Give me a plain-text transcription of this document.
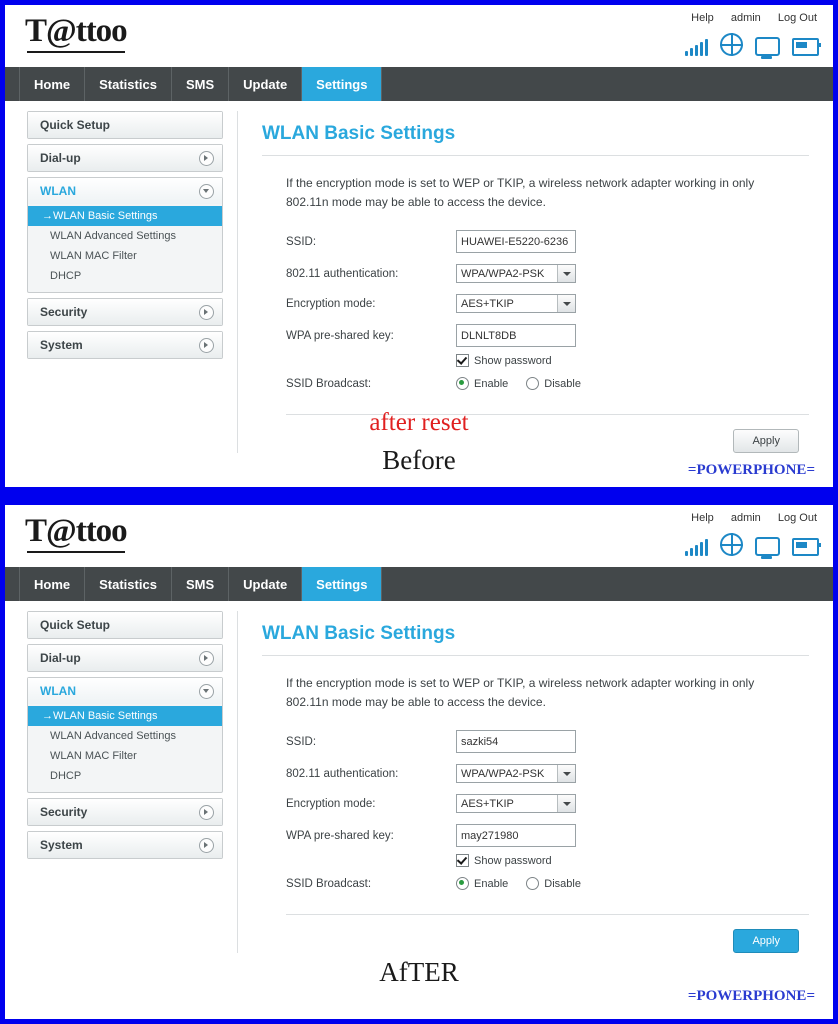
T@ttoo	Help admin Log Out
Home	Statistics	SMS	Update	Settings
Quick Setup
Dial-up
WLAN
→WLAN Basic Settings
WLAN Advanced Settings
WLAN MAC Filter
DHCP
Security
System
WLAN Basic Settings
If the encryption mode is set to WEP or TKIP, a wireless network adapter working in only
802.11n mode may be able to access the device.
SSID:
HUAWEI-E5220-6236
802.11 authentication:	WPA/WPA2-PSK
Encryption mode:	AES+TKIP
WPA pre-shared key:
DLNLT8DB
Show password
SSID Broadcast:	Enable	Disable
Apply
after reset
Before	=POWERPHONE=
T@ttoo	Help admin Log Out
Home	Statistics	SMS	Update	Settings
Quick Setup
Dial-up
WLAN
→WLAN Basic Settings
WLAN Advanced Settings
WLAN MAC Filter
DHCP
Security
System
WLAN Basic Settings
If the encryption mode is set to WEP or TKIP, a wireless network adapter working in only
802.11n mode may be able to access the device.
SSID:
sazki54
802.11 authentication:	WPA/WPA2-PSK
Encryption mode:	AES+TKIP
WPA pre-shared key:
may271980
Show password
SSID Broadcast:	Enable	Disable
Apply
AfTER
=POWERPHONE=
